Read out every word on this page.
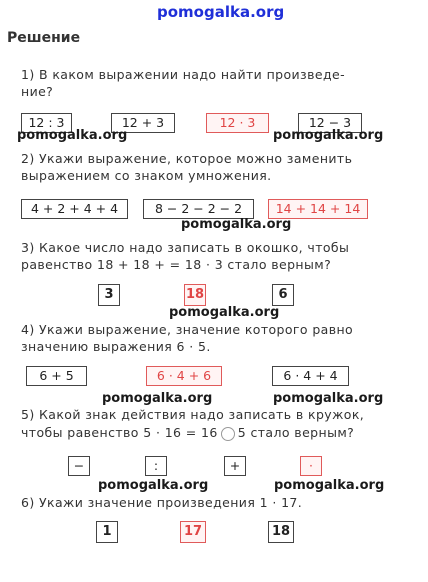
pomogalka.org
Решение
1) В каком выражении надо найти произведе-
ние?
12 : 3	12 + 3	12 · 3	12 − 3
pomogalka.org	pomogalka.org
2) Укажи выражение, которое можно заменить
выражением со знаком умножения.
4 + 2 + 4 + 4	8 − 2 − 2 − 2	14 + 14 + 14
pomogalka.org
3) Какое число надо записать в окошко, чтобы
равенство 18 + 18 + = 18 · 3 стало верным?
3	18	6
pomogalka.org
4) Укажи выражение, значение которого равно
значению выражения 6 · 5.
6 + 5	6 · 4 + 6	6 · 4 + 4
pomogalka.org	pomogalka.org
5) Какой знак действия надо записать в кружок,
чтобы равенство 5 · 16 = 16 5 стало верным?
−	:	+	·
pomogalka.org	pomogalka.org
6) Укажи значение произведения 1 · 17.
1	17	18
